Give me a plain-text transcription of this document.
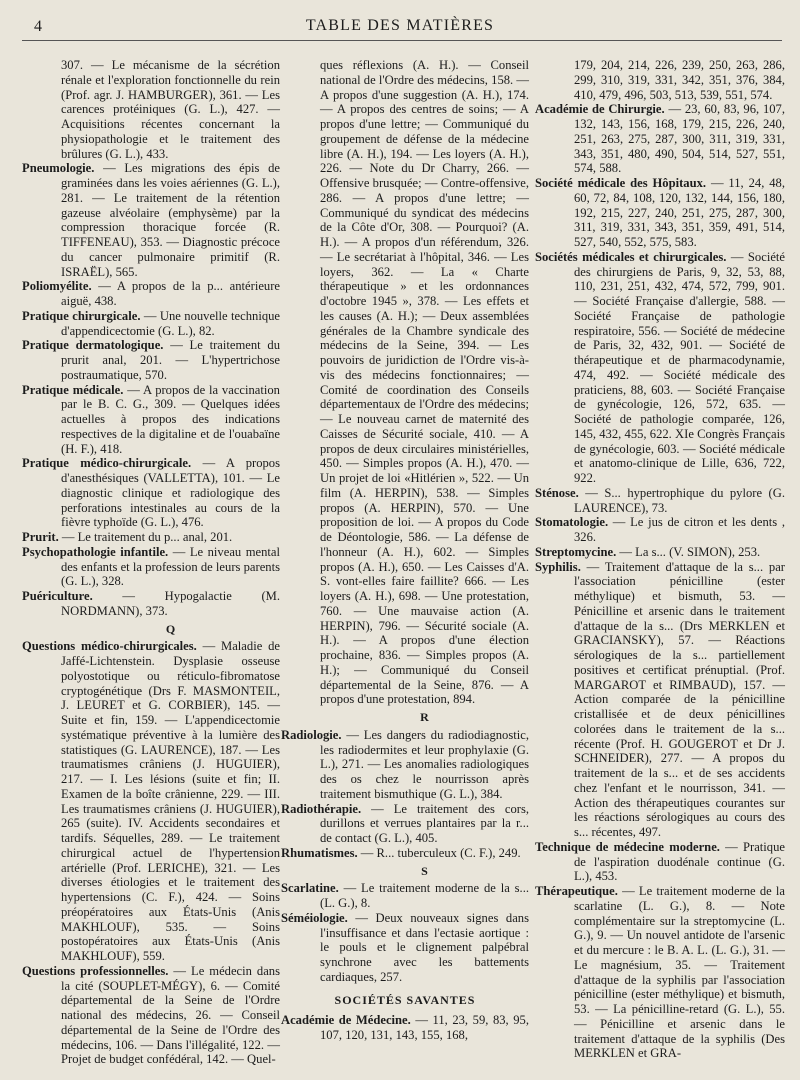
4	TABLE DES MATIÈRES

307. — Le mécanisme de la sécrétion rénale et l'exploration fonctionnelle du rein (Prof. agr. J. HAMBURGER), 361. — Les carences protéiniques (G. L.), 427. — Acquisitions récentes concernant la physiopathologie et le traitement des brûlures (G. L.), 433.

Pneumologie. — Les migrations des épis de graminées dans les voies aériennes (G. L.), 281. — Le traitement de la rétention gazeuse alvéolaire (emphysème) par la compression thoracique forcée (R. TIFFENEAU), 353. — Diagnostic précoce du cancer pulmonaire primitif (R. ISRAËL), 565.

Poliomyélite. — A propos de la p... antérieure aiguë, 438.

Pratique chirurgicale. — Une nouvelle technique d'appendicectomie (G. L.), 82.

Pratique dermatologique. — Le traitement du prurit anal, 201. — L'hypertrichose postraumatique, 570.

Pratique médicale. — A propos de la vaccination par le B. C. G., 309. — Quelques idées actuelles à propos des indications respectives de la digitaline et de l'ouabaïne (H. F.), 418.

Pratique médico-chirurgicale. — A propos d'anesthésiques (VALLETTA), 101. — Le diagnostic clinique et radiologique des perforations intestinales au cours de la fièvre typhoïde (G. L.), 476.

Prurit. — Le traitement du p... anal, 201.

Psychopathologie infantile. — Le niveau mental des enfants et la profession de leurs parents (G. L.), 328.

Puériculture. — Hypogalactie (M. NORDMANN), 373.

Q

Questions médico-chirurgicales. — Maladie de Jaffé-Lichtenstein. Dysplasie osseuse polyostotique ou réticulo-fibromatose cryptogénétique (Drs F. MASMONTEIL, J. LEURET et G. CORBIER), 145. — Suite et fin, 159. — L'appendicectomie systématique préventive à la lumière des statistiques (G. LAURENCE), 187. — Les traumatismes crâniens (J. HUGUIER), 217. — I. Les lésions (suite et fin; II. Examen de la boîte crânienne, 229. — III. Les traumatismes crâniens (J. HUGUIER), 265 (suite). IV. Accidents secondaires et tardifs. Séquelles, 289. — Le traitement chirurgical actuel de l'hypertension artérielle (Prof. LERICHE), 321. — Les diverses étiologies et le traitement des hypertensions (C. F.), 424. — Soins préopératoires aux États-Unis (Anis MAKHLOUF), 535. — Soins postopératoires aux États-Unis (Anis MAKHLOUF), 559.

Questions professionnelles. — Le médecin dans la cité (SOUPLET-MÉGY), 6. — Comité départemental de la Seine de l'Ordre national des médecins, 26. — Conseil départemental de la Seine de l'Ordre des médecins, 106. — Dans l'illégalité, 122. — Projet de budget confédéral, 142. — Quel-

ques réflexions (A. H.). — Conseil national de l'Ordre des médecins, 158. — A propos d'une suggestion (A. H.), 174. — A propos des centres de soins; — A propos d'une lettre; — Communiqué du groupement de défense de la médecine libre (A. H.), 194. — Les loyers (A. H.), 226. — Note du Dr Charry, 266. — Offensive brusquée; — Contre-offensive, 286. — A propos d'une lettre; — Communiqué du syndicat des médecins de la Côte d'Or, 308. — Pourquoi? (A. H.). — A propos d'un référendum, 326. — Le secrétariat à l'hôpital, 346. — Les loyers, 362. — La « Charte thérapeutique » et les ordonnances d'octobre 1945 », 378. — Les effets et les causes (A. H.); — Deux assemblées générales de la Chambre syndicale des médecins de la Seine, 394. — Les pouvoirs de juridiction de l'Ordre vis-à-vis des médecins fonctionnaires; — Comité de coordination des Conseils départementaux de l'Ordre des médecins; — Le nouveau carnet de maternité des Caisses de Sécurité sociale, 410. — A propos de deux circulaires ministérielles, 450. — Simples propos (A. H.), 470. — Un projet de loi «Hitlérien », 522. — Un film (A. HERPIN), 538. — Simples propos (A. HERPIN), 570. — Une proposition de loi. — A propos du Code de Déontologie, 586. — La défense de l'honneur (A. H.), 602. — Simples propos (A. H.), 650. — Les Caisses d'A. S. vont-elles faire faillite? 666. — Les loyers (A. H.), 698. — Une protestation, 760. — Une mauvaise action (A. HERPIN), 796. — Sécurité sociale (A. H.). — A propos d'une élection prochaine, 836. — Simples propos (A. H.); — Communiqué du Conseil départemental de la Seine, 876. — A propos d'une protestation, 894.

R

Radiologie. — Les dangers du radiodiagnostic, les radiodermites et leur prophylaxie (G. L.), 271. — Les anomalies radiologiques des os chez le nourrisson après traitement bismuthique (G. L.), 384.

Radiothérapie. — Le traitement des cors, durillons et verrues plantaires par la r... de contact (G. L.), 405.

Rhumatismes. — R... tuberculeux (C. F.), 249.

S

Scarlatine. — Le traitement moderne de la s... (L. G.), 8.

Séméiologie. — Deux nouveaux signes dans l'insuffisance et dans l'ectasie aortique : le pouls et le clignement palpébral synchrone avec les battements cardiaques, 257.

SOCIÉTÉS SAVANTES

Académie de Médecine. — 11, 23, 59, 83, 95, 107, 120, 131, 143, 155, 168,

179, 204, 214, 226, 239, 250, 263, 286, 299, 310, 319, 331, 342, 351, 376, 384, 410, 479, 496, 503, 513, 539, 551, 574.

Académie de Chirurgie. — 23, 60, 83, 96, 107, 132, 143, 156, 168, 179, 215, 226, 240, 251, 263, 275, 287, 300, 311, 319, 331, 343, 351, 480, 490, 504, 514, 527, 551, 574, 588.

Société médicale des Hôpitaux. — 11, 24, 48, 60, 72, 84, 108, 120, 132, 144, 156, 180, 192, 215, 227, 240, 251, 275, 287, 300, 311, 319, 331, 343, 351, 359, 491, 514, 527, 540, 552, 575, 583.

Sociétés médicales et chirurgicales. — Société des chirurgiens de Paris, 9, 32, 53, 88, 110, 231, 251, 432, 474, 572, 799, 901. — Société Française d'allergie, 588. — Société Française de pathologie respiratoire, 556. — Société de médecine de Paris, 32, 432, 901. — Société de thérapeutique et de pharmacodynamie, 474, 492. — Société médicale des praticiens, 88, 603. — Société Française de gynécologie, 126, 572, 635. — Société de pathologie comparée, 126, 145, 432, 455, 622. XIe Congrès Français de gynécologie, 603. — Société médicale et anatomo-clinique de Lille, 636, 722, 922.

Sténose. — S... hypertrophique du pylore (G. LAURENCE), 73.

Stomatologie. — Le jus de citron et les dents , 326.

Streptomycine. — La s... (V. SIMON), 253.

Syphilis. — Traitement d'attaque de la s... par l'association pénicilline (ester méthylique) et bismuth, 53. — Pénicilline et arsenic dans le traitement d'attaque de la s... (Drs MERKLEN et GRACIANSKY), 57. — Réactions sérologiques de la s... partiellement positives et certificat prénuptial. (Prof. MARGAROT et RIMBAUD), 157. — Action comparée de la pénicilline cristallisée et de deux pénicillines colorées dans le traitement de la s... récente (Prof. H. GOUGEROT et Dr J. SCHNEIDER), 277. — A propos du traitement de la s... et de ses accidents chez l'enfant et le nourrisson, 341. — Action des thérapeutiques courantes sur les réactions sérologiques au cours des s... récentes, 497.

Technique de médecine moderne. — Pratique de l'aspiration duodénale continue (G. L.), 453.

Thérapeutique. — Le traitement moderne de la scarlatine (L. G.), 8. — Note complémentaire sur la streptomycine (L. G.), 9. — Un nouvel antidote de l'arsenic et du mercure : le B. A. L. (L. G.), 31. — Le magnésium, 35. — Traitement d'attaque de la syphilis par l'association pénicilline (ester méthylique) et bismuth, 53. — La pénicilline-retard (G. L.), 55. — Pénicilline et arsenic dans le traitement d'attaque de la syphilis (Des MERKLEN et GRA-
